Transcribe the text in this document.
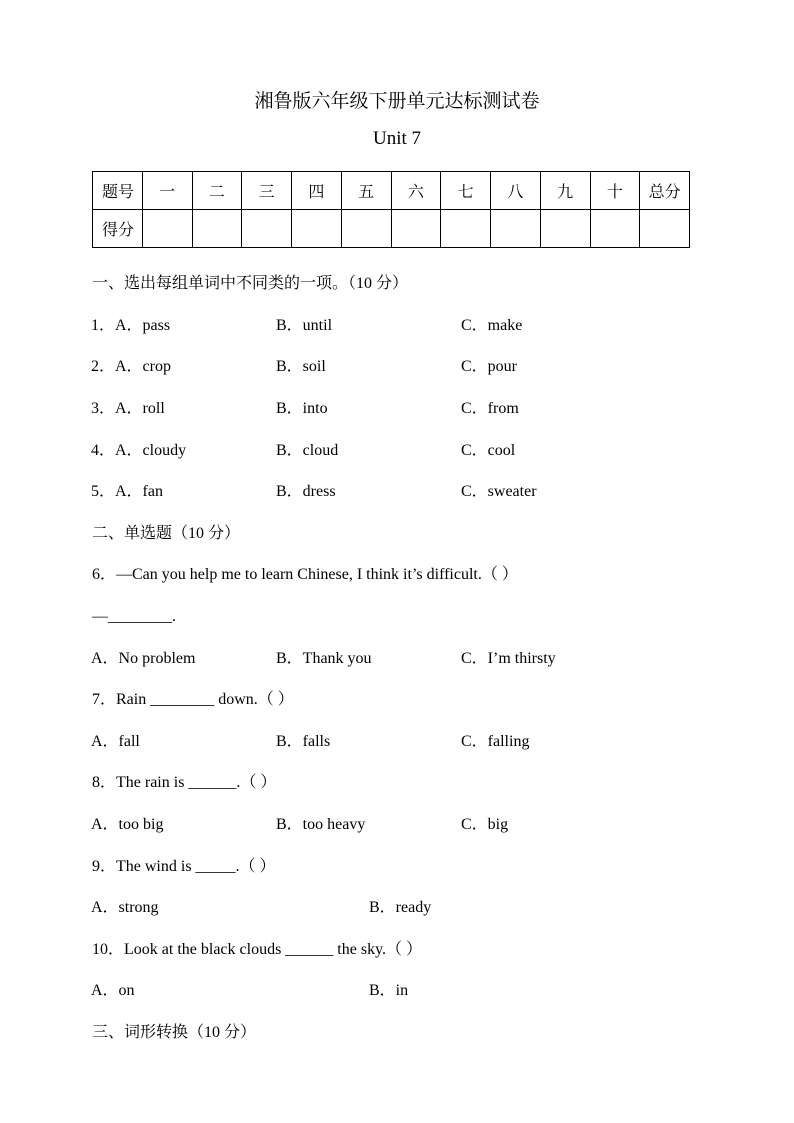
湘鲁版六年级下册单元达标测试卷
Unit 7
题号	一	二	三	四	五	六	七	八	九	十	总分
得分											
一、选出每组单词中不同类的一项。（10 分）
1．A．pass	B．until	C．make
2．A．crop	B．soil	C．pour
3．A．roll	B．into	C．from
4．A．cloudy	B．cloud	C．cool
5．A．fan	B．dress	C．sweater
二、单选题（10 分）
6．—Can you help me to learn Chinese, I think it’s difficult.（ ）
—________.
A．No problem	B．Thank you	C．I’m thirsty
7．Rain ________ down.（ ）
A．fall	B．falls	C．falling
8．The rain is ______.（ ）
A．too big	B．too heavy	C．big
9．The wind is _____.（ ）
A．strong	B．ready
10．Look at the black clouds ______ the sky.（ ）
A．on	B．in
三、词形转换（10 分）
